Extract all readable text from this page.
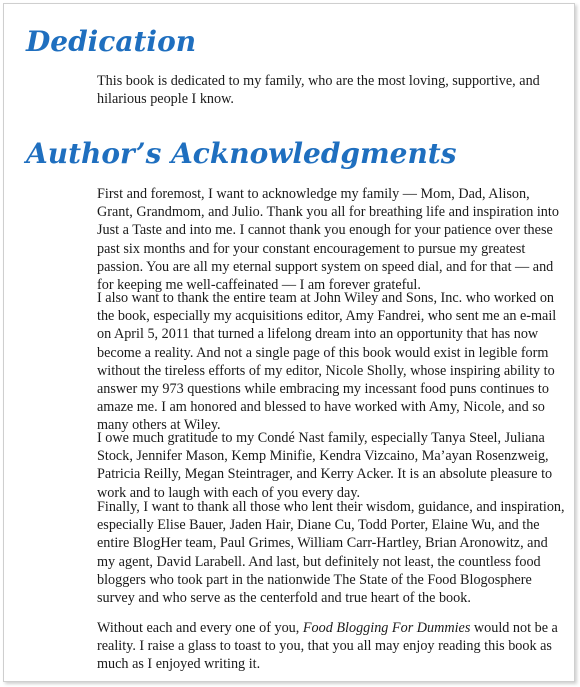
Dedication

This book is dedicated to my family, who are the most loving, supportive, and hilarious people I know.

Author’s Acknowledgments

First and foremost, I want to acknowledge my family — Mom, Dad, Alison, Grant, Grandmom, and Julio. Thank you all for breathing life and inspiration into Just a Taste and into me. I cannot thank you enough for your patience over these past six months and for your constant encouragement to pursue my greatest passion. You are all my eternal support system on speed dial, and for that — and for keeping me well-caffeinated — I am forever grateful.

I also want to thank the entire team at John Wiley and Sons, Inc. who worked on the book, especially my acquisitions editor, Amy Fandrei, who sent me an e-mail on April 5, 2011 that turned a lifelong dream into an opportunity that has now become a reality. And not a single page of this book would exist in legible form without the tireless efforts of my editor, Nicole Sholly, whose inspiring ability to answer my 973 questions while embracing my incessant food puns continues to amaze me. I am honored and blessed to have worked with Amy, Nicole, and so many others at Wiley.

I owe much gratitude to my Condé Nast family, especially Tanya Steel, Juliana Stock, Jennifer Mason, Kemp Minifie, Kendra Vizcaino, Ma’ayan Rosenzweig, Patricia Reilly, Megan Steintrager, and Kerry Acker. It is an absolute pleasure to work and to laugh with each of you every day.

Finally, I want to thank all those who lent their wisdom, guidance, and inspiration, especially Elise Bauer, Jaden Hair, Diane Cu, Todd Porter, Elaine Wu, and the entire BlogHer team, Paul Grimes, William Carr-Hartley, Brian Aronowitz, and my agent, David Larabell. And last, but definitely not least, the countless food bloggers who took part in the nationwide The State of the Food Blogosphere survey and who serve as the centerfold and true heart of the book.

Without each and every one of you, Food Blogging For Dummies would not be a reality. I raise a glass to toast to you, that you all may enjoy reading this book as much as I enjoyed writing it.
